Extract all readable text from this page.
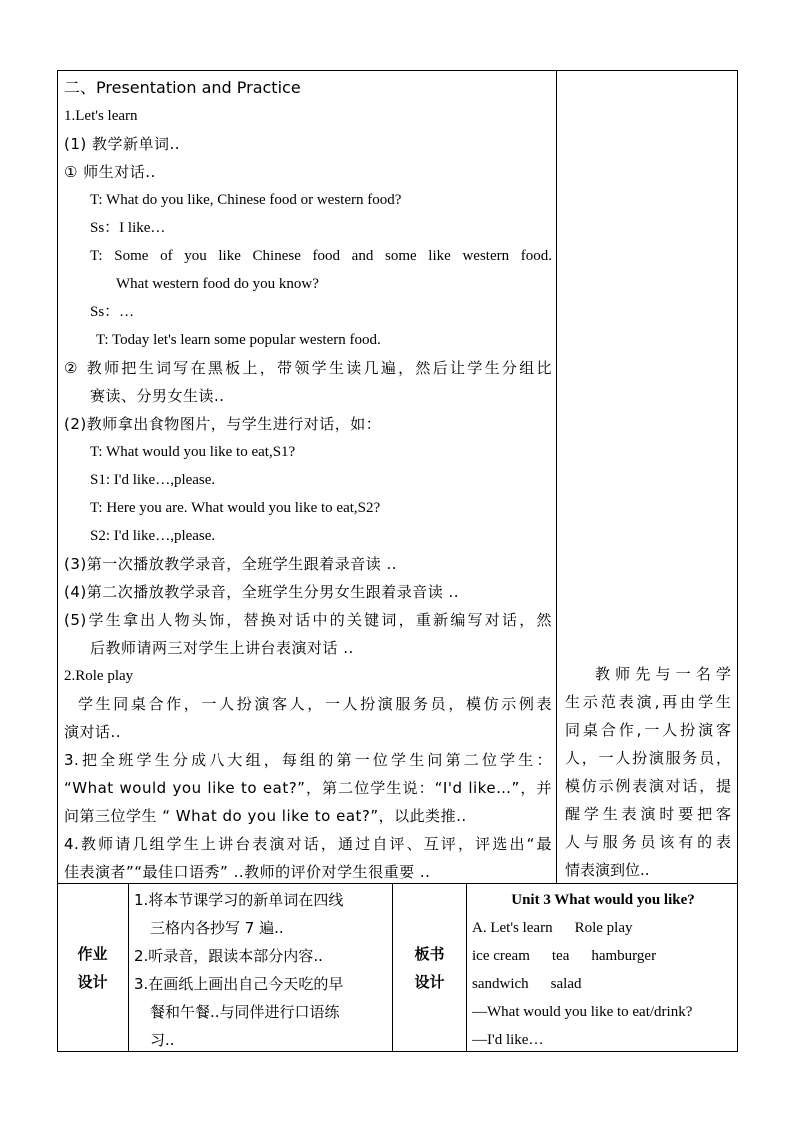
二、Presentation and Practice
1.Let's learn
(1) 教学新单词..
① 师生对话..
T: What do you like, Chinese food or western food?
Ss：I like…
T: Some of you like Chinese food and some like western food.
What western food do you know?
Ss：…
T: Today let's learn some popular western food.
② 教师把生词写在黑板上，带领学生读几遍，然后让学生分组比
赛读、分男女生读..
(2)教师拿出食物图片，与学生进行对话，如：
T: What would you like to eat,S1?
S1: I'd like…,please.
T: Here you are. What would you like to eat,S2?
S2: I'd like…,please.
(3)第一次播放教学录音，全班学生跟着录音读 ..
(4)第二次播放教学录音，全班学生分男女生跟着录音读 ..
(5)学生拿出人物头饰，替换对话中的关键词，重新编写对话，然
后教师请两三对学生上讲台表演对话 ..
2.Role play
学生同桌合作，一人扮演客人，一人扮演服务员，模仿示例表
演对话..
3.把全班学生分成八大组，每组的第一位学生问第二位学生：
“What would you like to eat?”，第二位学生说：“I'd like…”，并
问第三位学生 “ What do you like to eat?”，以此类推..
4.教师请几组学生上讲台表演对话，通过自评、互评，评选出“最
佳表演者”“最佳口语秀” ..教师的评价对学生很重要 ..
教师先与一名学
生示范表演,再由学生
同桌合作,一人扮演客
人，一人扮演服务员，
模仿示例表演对话，提
醒学生表演时要把客
人与服务员该有的表
情表演到位..
作业
设计
1.将本节课学习的新单词在四线
三格内各抄写 7 遍..
2.听录音，跟读本部分内容..
3.在画纸上画出自己今天吃的早
餐和午餐..与同伴进行口语练
习..
板书
设计
Unit 3 What would you like?
A. Let's learn Role play
ice cream tea hamburger
sandwich salad
—What would you like to eat/drink?
—I'd like…
